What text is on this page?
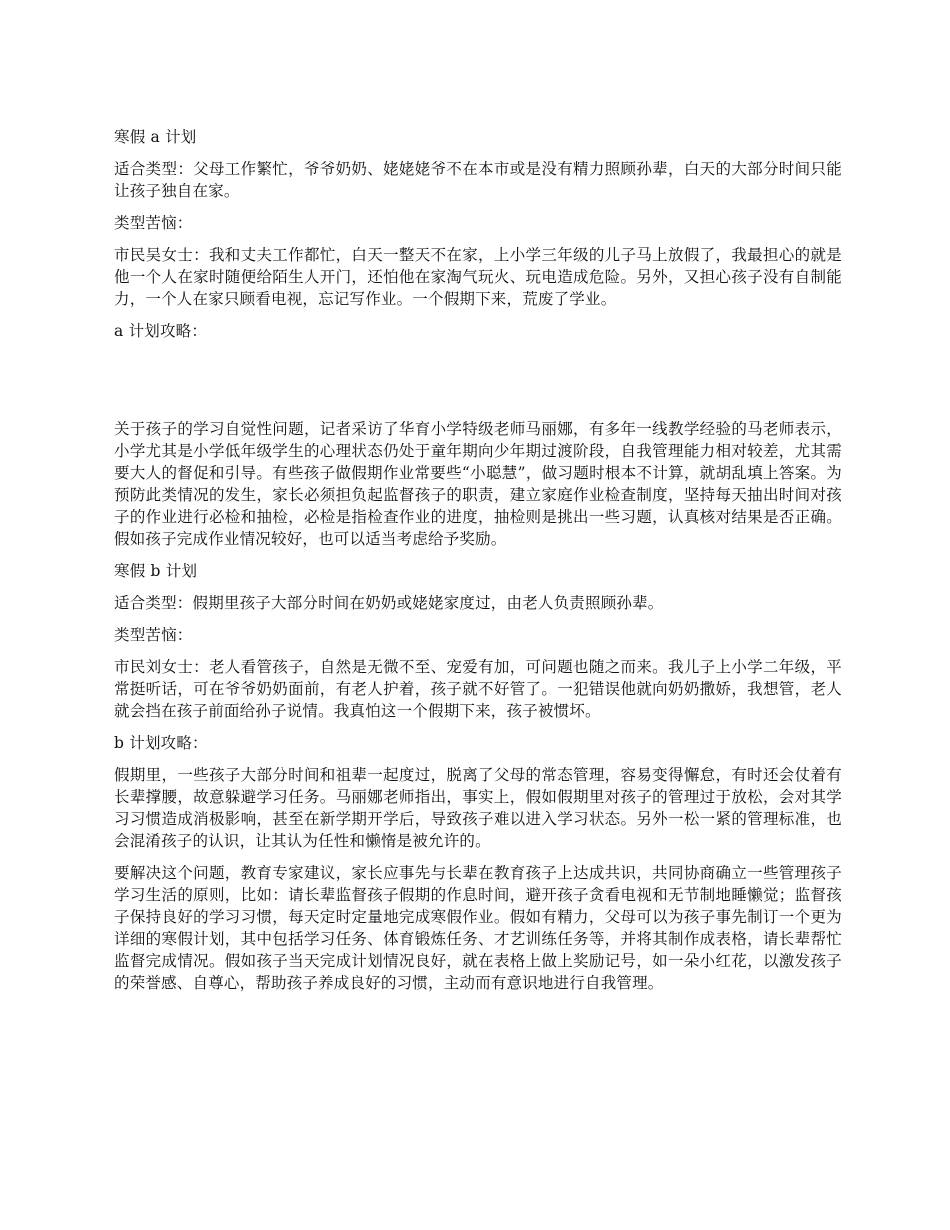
寒假 a 计划

适合类型：父母工作繁忙，爷爷奶奶、姥姥姥爷不在本市或是没有精力照顾孙辈，白天的大部分时间只能让孩子独自在家。

类型苦恼：

市民吴女士：我和丈夫工作都忙，白天一整天不在家，上小学三年级的儿子马上放假了，我最担心的就是他一个人在家时随便给陌生人开门，还怕他在家淘气玩火、玩电造成危险。另外，又担心孩子没有自制能力，一个人在家只顾看电视，忘记写作业。一个假期下来，荒废了学业。

a 计划攻略：

关于孩子的学习自觉性问题，记者采访了华育小学特级老师马丽娜，有多年一线教学经验的马老师表示，小学尤其是小学低年级学生的心理状态仍处于童年期向少年期过渡阶段，自我管理能力相对较差，尤其需要大人的督促和引导。有些孩子做假期作业常要些“小聪慧”，做习题时根本不计算，就胡乱填上答案。为预防此类情况的发生，家长必须担负起监督孩子的职责，建立家庭作业检查制度，坚持每天抽出时间对孩子的作业进行必检和抽检，必检是指检查作业的进度，抽检则是挑出一些习题，认真核对结果是否正确。假如孩子完成作业情况较好，也可以适当考虑给予奖励。

寒假 b 计划

适合类型：假期里孩子大部分时间在奶奶或姥姥家度过，由老人负责照顾孙辈。

类型苦恼：

市民刘女士：老人看管孩子，自然是无微不至、宠爱有加，可问题也随之而来。我儿子上小学二年级，平常挺听话，可在爷爷奶奶面前，有老人护着，孩子就不好管了。一犯错误他就向奶奶撒娇，我想管，老人就会挡在孩子前面给孙子说情。我真怕这一个假期下来，孩子被惯坏。

b 计划攻略：

假期里，一些孩子大部分时间和祖辈一起度过，脱离了父母的常态管理，容易变得懈怠，有时还会仗着有长辈撑腰，故意躲避学习任务。马丽娜老师指出，事实上，假如假期里对孩子的管理过于放松，会对其学习习惯造成消极影响，甚至在新学期开学后，导致孩子难以进入学习状态。另外一松一紧的管理标准，也会混淆孩子的认识，让其认为任性和懒惰是被允许的。

要解决这个问题，教育专家建议，家长应事先与长辈在教育孩子上达成共识，共同协商确立一些管理孩子学习生活的原则，比如：请长辈监督孩子假期的作息时间，避开孩子贪看电视和无节制地睡懒觉；监督孩子保持良好的学习习惯，每天定时定量地完成寒假作业。假如有精力，父母可以为孩子事先制订一个更为详细的寒假计划，其中包括学习任务、体育锻炼任务、才艺训练任务等，并将其制作成表格，请长辈帮忙监督完成情况。假如孩子当天完成计划情况良好，就在表格上做上奖励记号，如一朵小红花，以激发孩子的荣誉感、自尊心，帮助孩子养成良好的习惯，主动而有意识地进行自我管理。
